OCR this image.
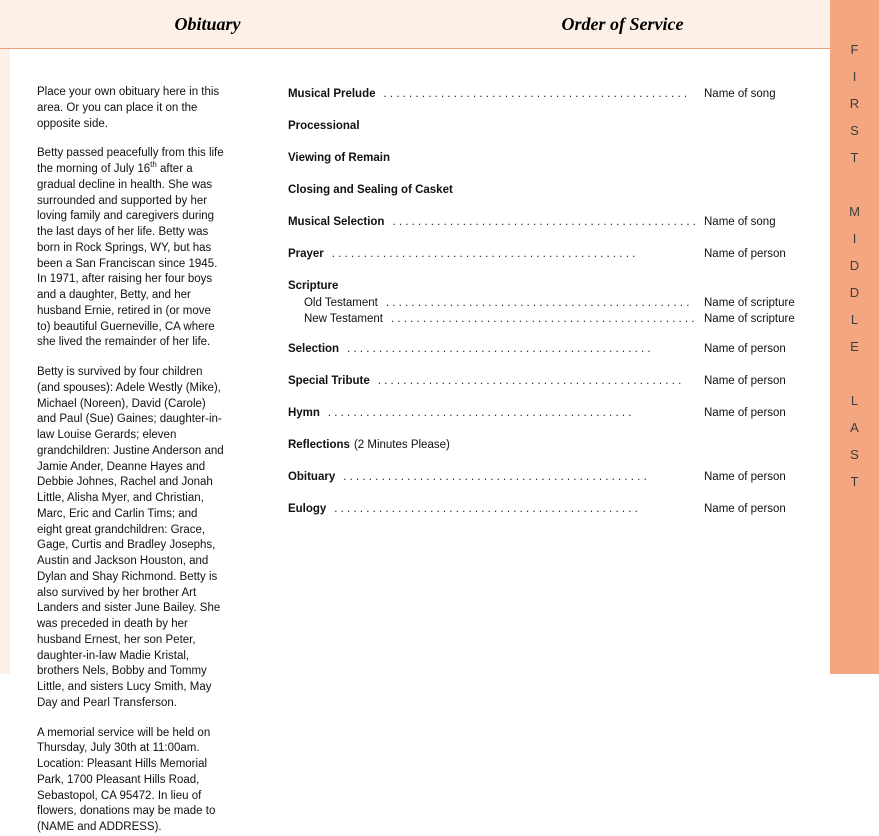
Obituary	Order of Service

Place your own obituary here in this area. Or you can place it on the opposite side.

Betty passed peacefully from this life the morning of July 16th after a gradual decline in health. She was surrounded and supported by her loving family and caregivers during the last days of her life. Betty was born in Rock Springs, WY, but has been a San Franciscan since 1945. In 1971, after raising her four boys and a daughter, Betty, and her husband Ernie, retired in (or move to) beautiful Guerneville, CA where she lived the remainder of her life.

Betty is survived by four children (and spouses): Adele Westly (Mike), Michael (Noreen), David (Carole) and Paul (Sue) Gaines; daughter-in-law Louise Gerards; eleven grandchildren: Justine Anderson and Jamie Ander, Deanne Hayes and Debbie Johnes, Rachel and Jonah Little, Alisha Myer, and Christian, Marc, Eric and Carlin Tims; and eight great grandchildren: Grace, Gage, Curtis and Bradley Josephs, Austin and Jackson Houston, and Dylan and Shay Richmond. Betty is also survived by her brother Art Landers and sister June Bailey. She was preceded in death by her husband Ernest, her son Peter, daughter-in-law Madie Kristal, brothers Nels, Bobby and Tommy Little, and sisters Lucy Smith, May Day and Pearl Transferson.

A memorial service will be held on Thursday, July 30th at 11:00am. Location: Pleasant Hills Memorial Park, 1700 Pleasant Hills Road, Sebastopol, CA 95472. In lieu of flowers, donations may be made to (NAME and ADDRESS).

Musical Prelude . . . . . . . . . . . . . . . . . . . . . . . . . . . . . . . . . . . . . . . . . . . . . . . .	Name of song
Processional
Viewing of Remain
Closing and Sealing of Casket
Musical Selection . . . . . . . . . . . . . . . . . . . . . . . . . . . . . . . . . . . . . . . . . . . . . . . . Name of song
Prayer . . . . . . . . . . . . . . . . . . . . . . . . . . . . . . . . . . . . . . . . . . . . . . . .	Name of person
Scripture
Old Testament . . . . . . . . . . . . . . . . . . . . . . . . . . . . . . . . . . . . . . . . . . . . . . . .	Name of scripture
New Testament . . . . . . . . . . . . . . . . . . . . . . . . . . . . . . . . . . . . . . . . . . . . . . . . Name of scripture
Selection . . . . . . . . . . . . . . . . . . . . . . . . . . . . . . . . . . . . . . . . . . . . . . . .	Name of person
Special Tribute . . . . . . . . . . . . . . . . . . . . . . . . . . . . . . . . . . . . . . . . . . . . . . . .	Name of person
Hymn . . . . . . . . . . . . . . . . . . . . . . . . . . . . . . . . . . . . . . . . . . . . . . . .	Name of person
Reflections (2 Minutes Please)
Obituary . . . . . . . . . . . . . . . . . . . . . . . . . . . . . . . . . . . . . . . . . . . . . . . .	Name of person
Eulogy . . . . . . . . . . . . . . . . . . . . . . . . . . . . . . . . . . . . . . . . . . . . . . . .	Name of person
F
I
R
S
T

M
I
D
D
L
E

L
A
S
T
